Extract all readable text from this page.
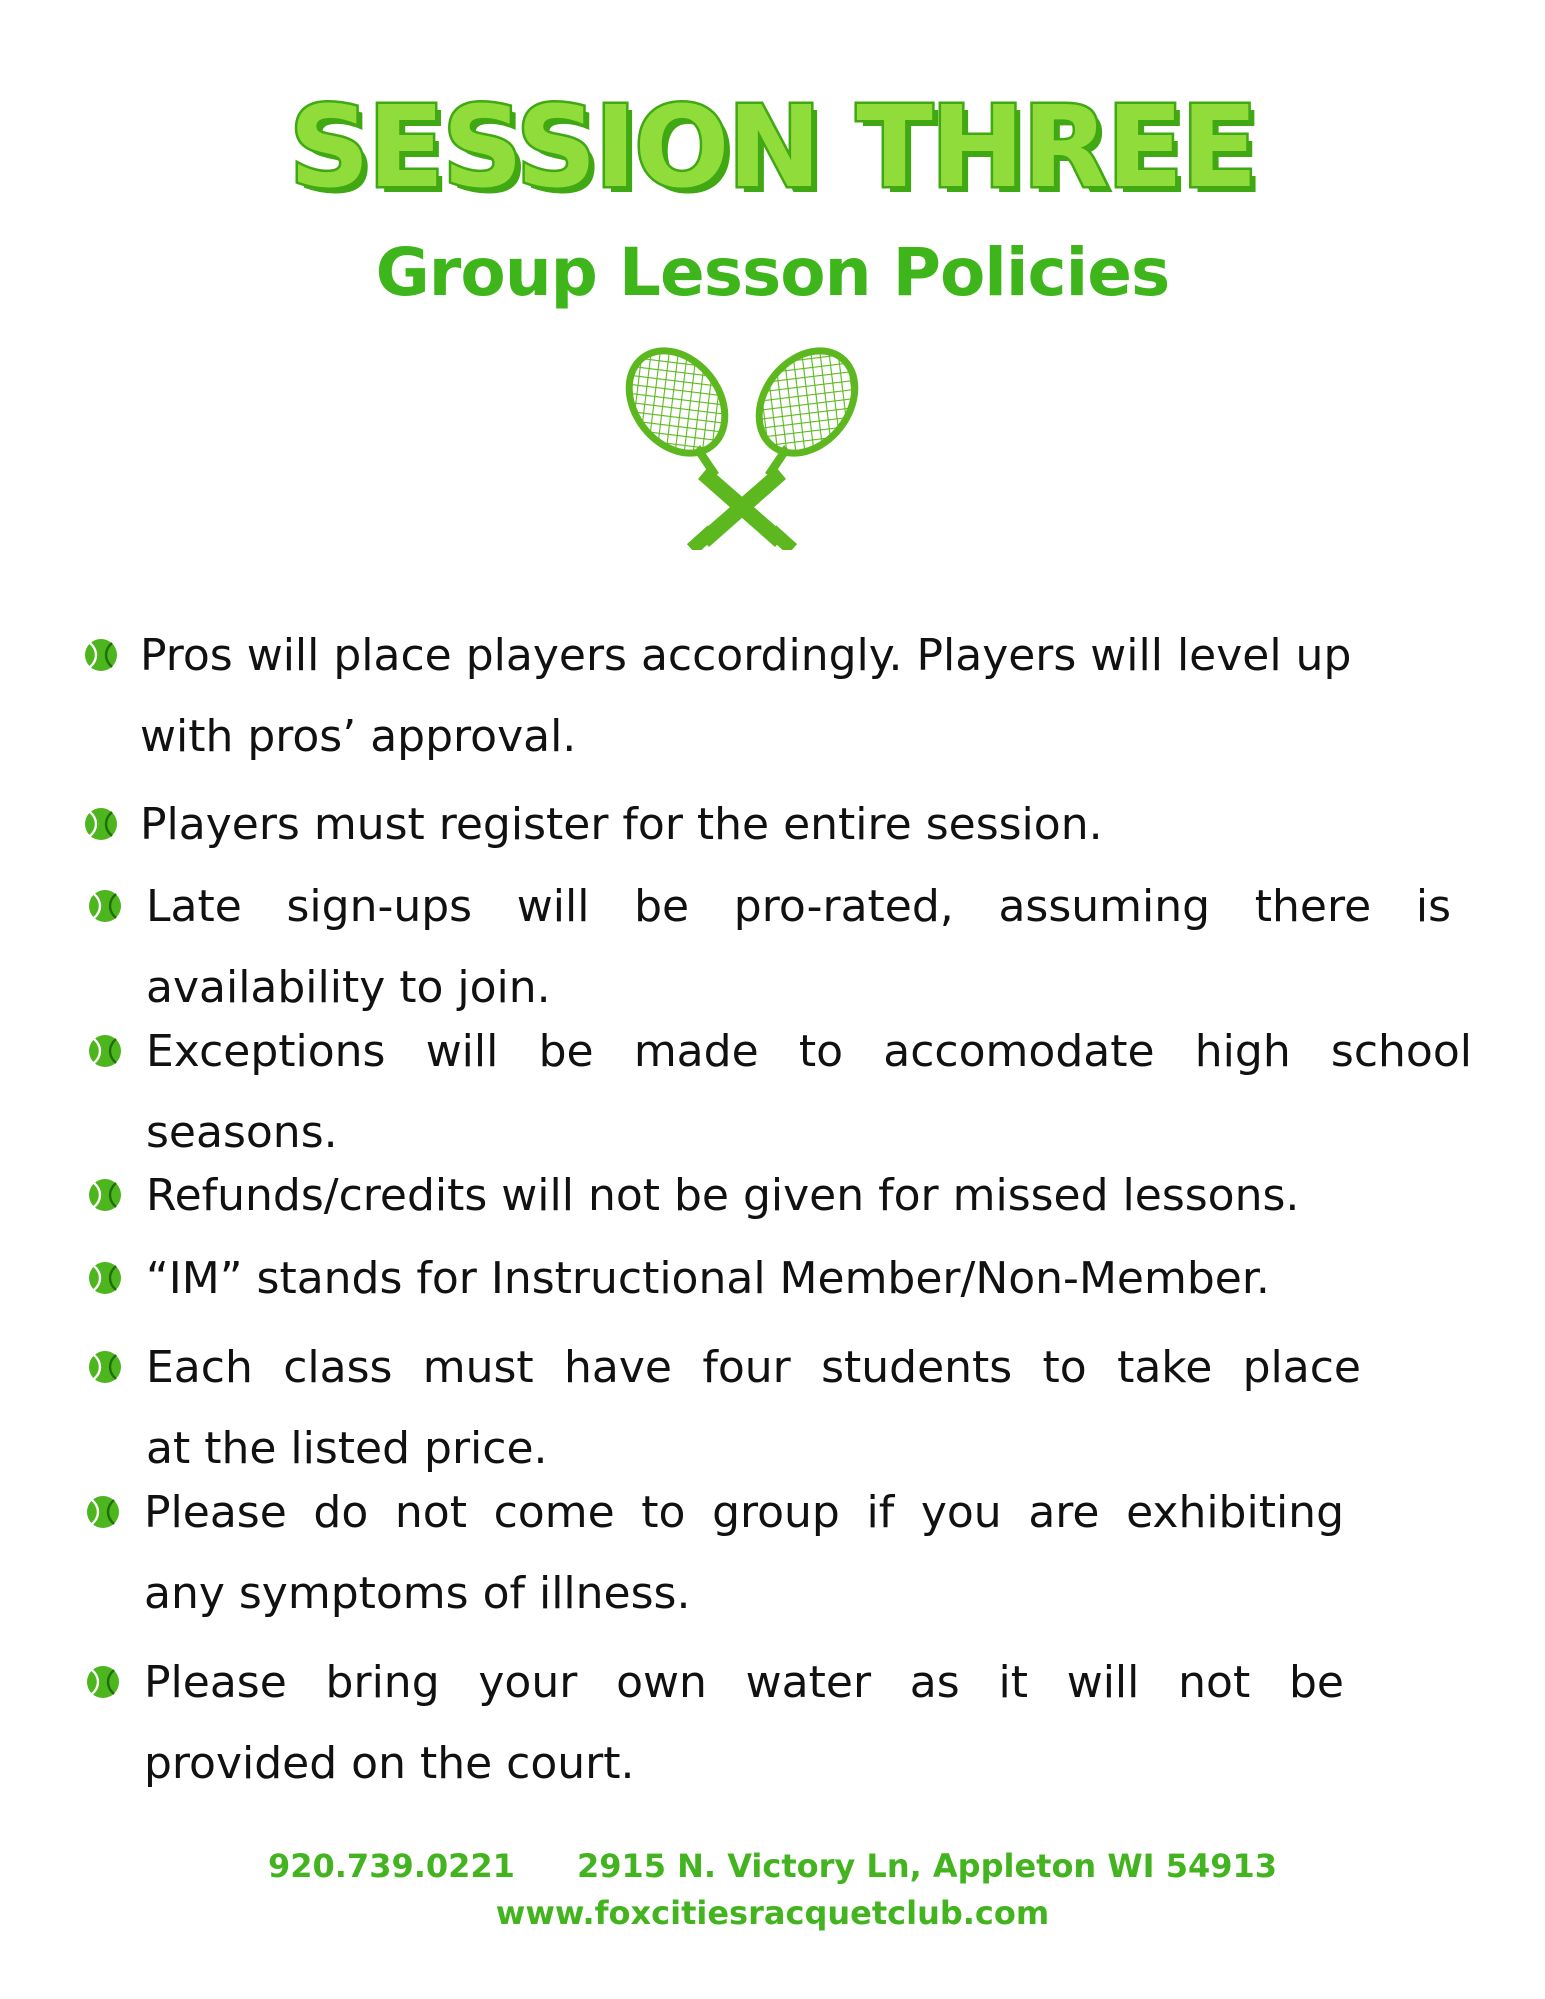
SESSION THREE
Group Lesson Policies

Pros will place players accordingly. Players will level up
with pros’ approval.

Players must register for the entire session.

Late sign-ups will be pro-rated, assuming there is
availability to join.

Exceptions will be made to accomodate high school
seasons.

Refunds/credits will not be given for missed lessons.

“IM” stands for Instructional Member/Non-Member.

Each class must have four students to take place
at the listed price.

Please do not come to group if you are exhibiting
any symptoms of illness.

Please bring your own water as it will not be
provided on the court.

920.739.0221 2915 N. Victory Ln, Appleton WI 54913
www.foxcitiesracquetclub.com
